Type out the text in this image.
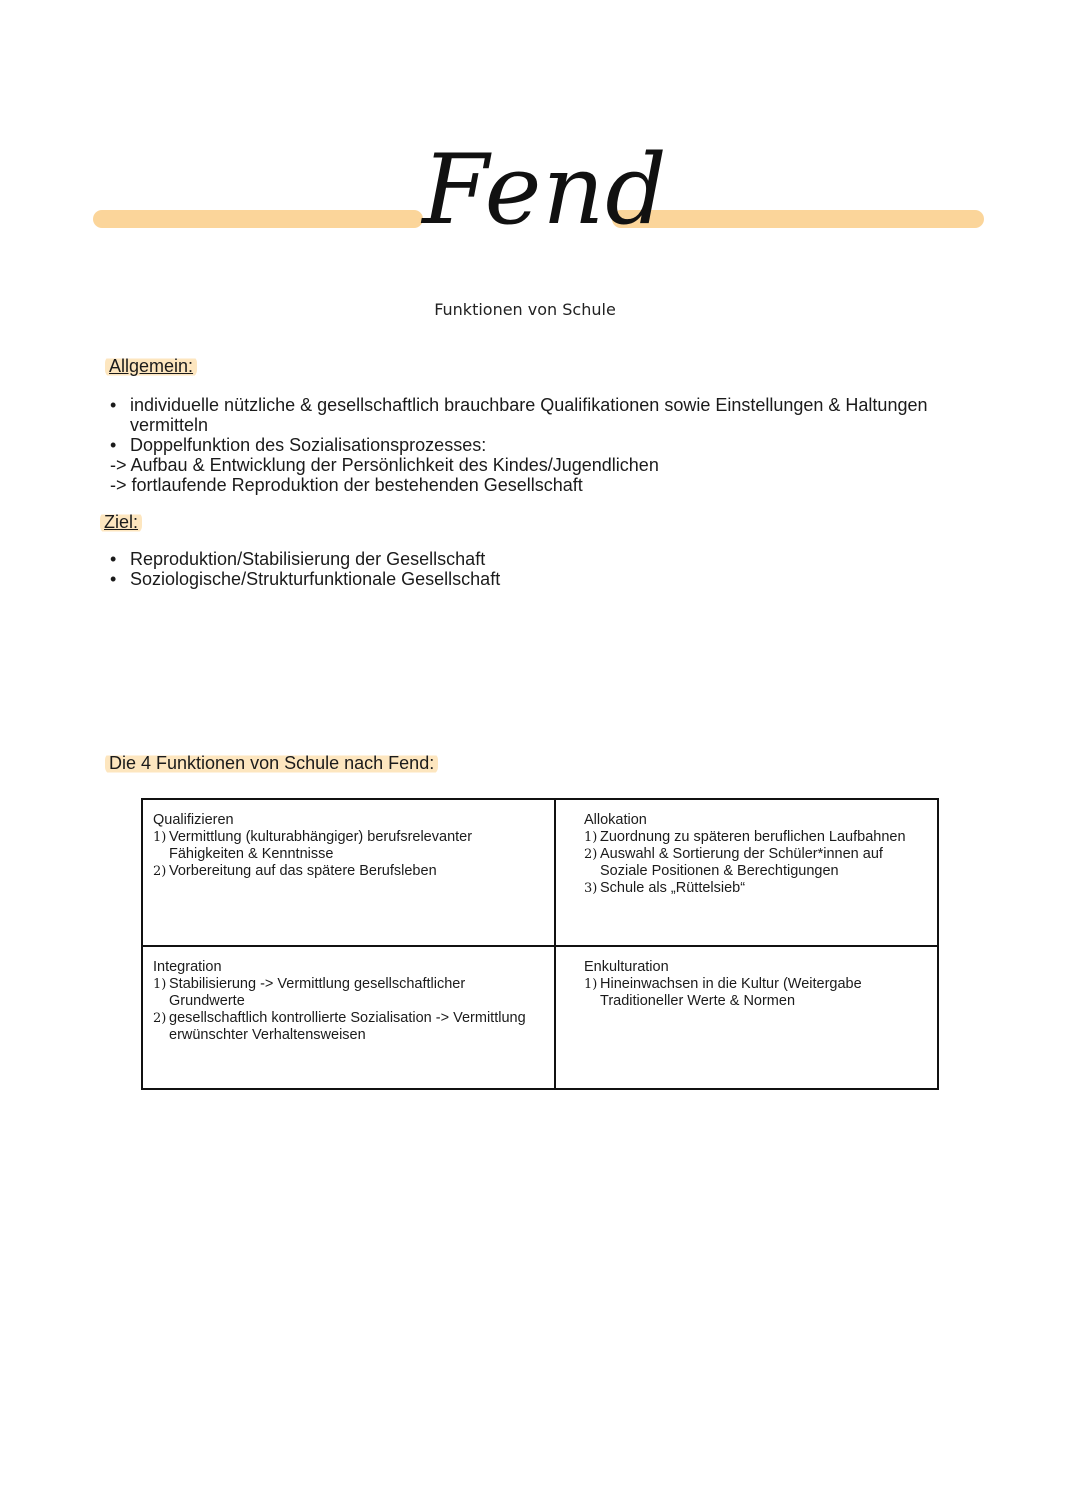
Fend
Funktionen von Schule
Allgemein:
• individuelle nützliche & gesellschaftlich brauchbare Qualifikationen sowie Einstellungen & Haltungen vermitteln
• Doppelfunktion des Sozialisationsprozesses:
-> Aufbau & Entwicklung der Persönlichkeit des Kindes/Jugendlichen
-> fortlaufende Reproduktion der bestehenden Gesellschaft
Ziel:
• Reproduktion/Stabilisierung der Gesellschaft
• Soziologische/Strukturfunktionale Gesellschaft
Die 4 Funktionen von Schule nach Fend:
Qualifizieren
1) Vermittlung (kulturabhängiger) berufsrelevanter Fähigkeiten & Kenntnisse
2) Vorbereitung auf das spätere Berufsleben
Allokation
1) Zuordnung zu späteren beruflichen Laufbahnen
2) Auswahl & Sortierung der Schüler*innen auf Soziale Positionen & Berechtigungen
3) Schule als „Rüttelsieb“
Integration
1) Stabilisierung -> Vermittlung gesellschaftlicher Grundwerte
2) gesellschaftlich kontrollierte Sozialisation -> Vermittlung erwünschter Verhaltensweisen
Enkulturation
1) Hineinwachsen in die Kultur (Weitergabe Traditioneller Werte & Normen
